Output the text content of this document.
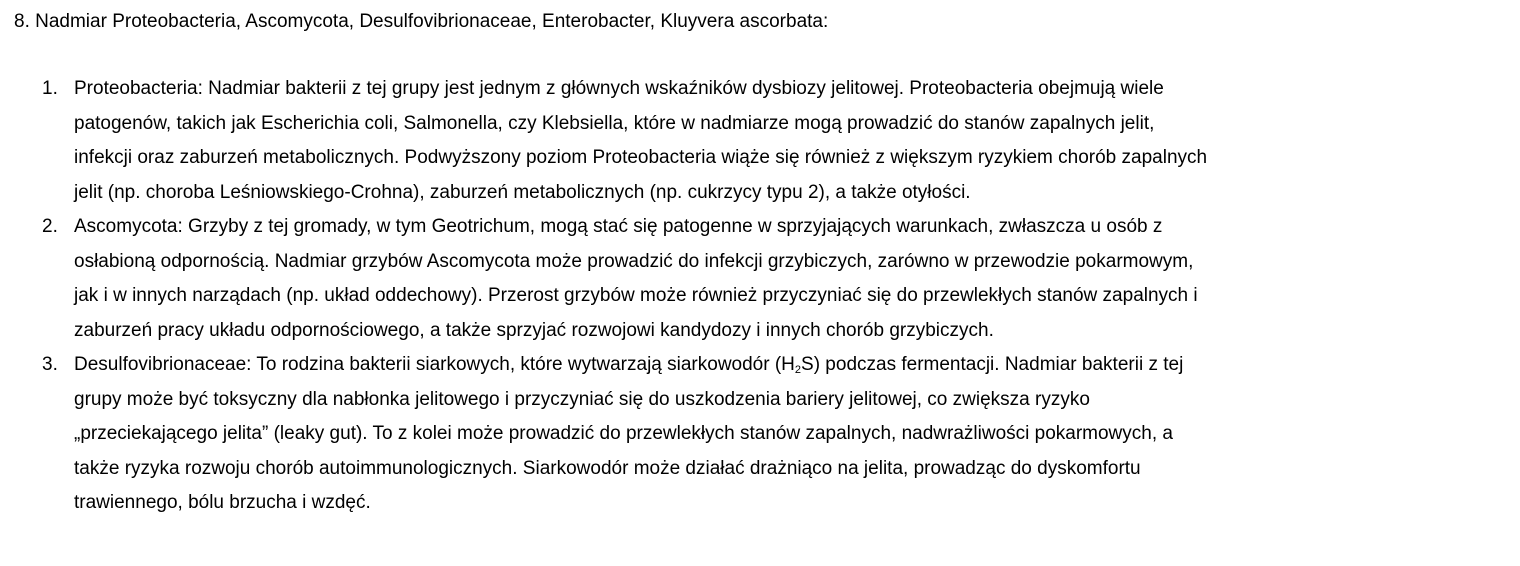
8. Nadmiar Proteobacteria, Ascomycota, Desulfovibrionaceae, Enterobacter, Kluyvera ascorbata:

1. Proteobacteria: Nadmiar bakterii z tej grupy jest jednym z głównych wskaźników dysbiozy jelitowej. Proteobacteria obejmują wiele
patogenów, takich jak Escherichia coli, Salmonella, czy Klebsiella, które w nadmiarze mogą prowadzić do stanów zapalnych jelit,
infekcji oraz zaburzeń metabolicznych. Podwyższony poziom Proteobacteria wiąże się również z większym ryzykiem chorób zapalnych
jelit (np. choroba Leśniowskiego-Crohna), zaburzeń metabolicznych (np. cukrzycy typu 2), a także otyłości.
2. Ascomycota: Grzyby z tej gromady, w tym Geotrichum, mogą stać się patogenne w sprzyjających warunkach, zwłaszcza u osób z
osłabioną odpornością. Nadmiar grzybów Ascomycota może prowadzić do infekcji grzybiczych, zarówno w przewodzie pokarmowym,
jak i w innych narządach (np. układ oddechowy). Przerost grzybów może również przyczyniać się do przewlekłych stanów zapalnych i
zaburzeń pracy układu odpornościowego, a także sprzyjać rozwojowi kandydozy i innych chorób grzybiczych.
3. Desulfovibrionaceae: To rodzina bakterii siarkowych, które wytwarzają siarkowodór $(H_2S)$ podczas fermentacji. Nadmiar bakterii z tej
grupy może być toksyczny dla nabłonka jelitowego i przyczyniać się do uszkodzenia bariery jelitowej, co zwiększa ryzyko
„przeciekającego jelita” (leaky gut). To z kolei może prowadzić do przewlekłych stanów zapalnych, nadwrażliwości pokarmowych, a
także ryzyka rozwoju chorób autoimmunologicznych. Siarkowodór może działać drażniąco na jelita, prowadząc do dyskomfortu
trawiennego, bólu brzucha i wzdęć.
